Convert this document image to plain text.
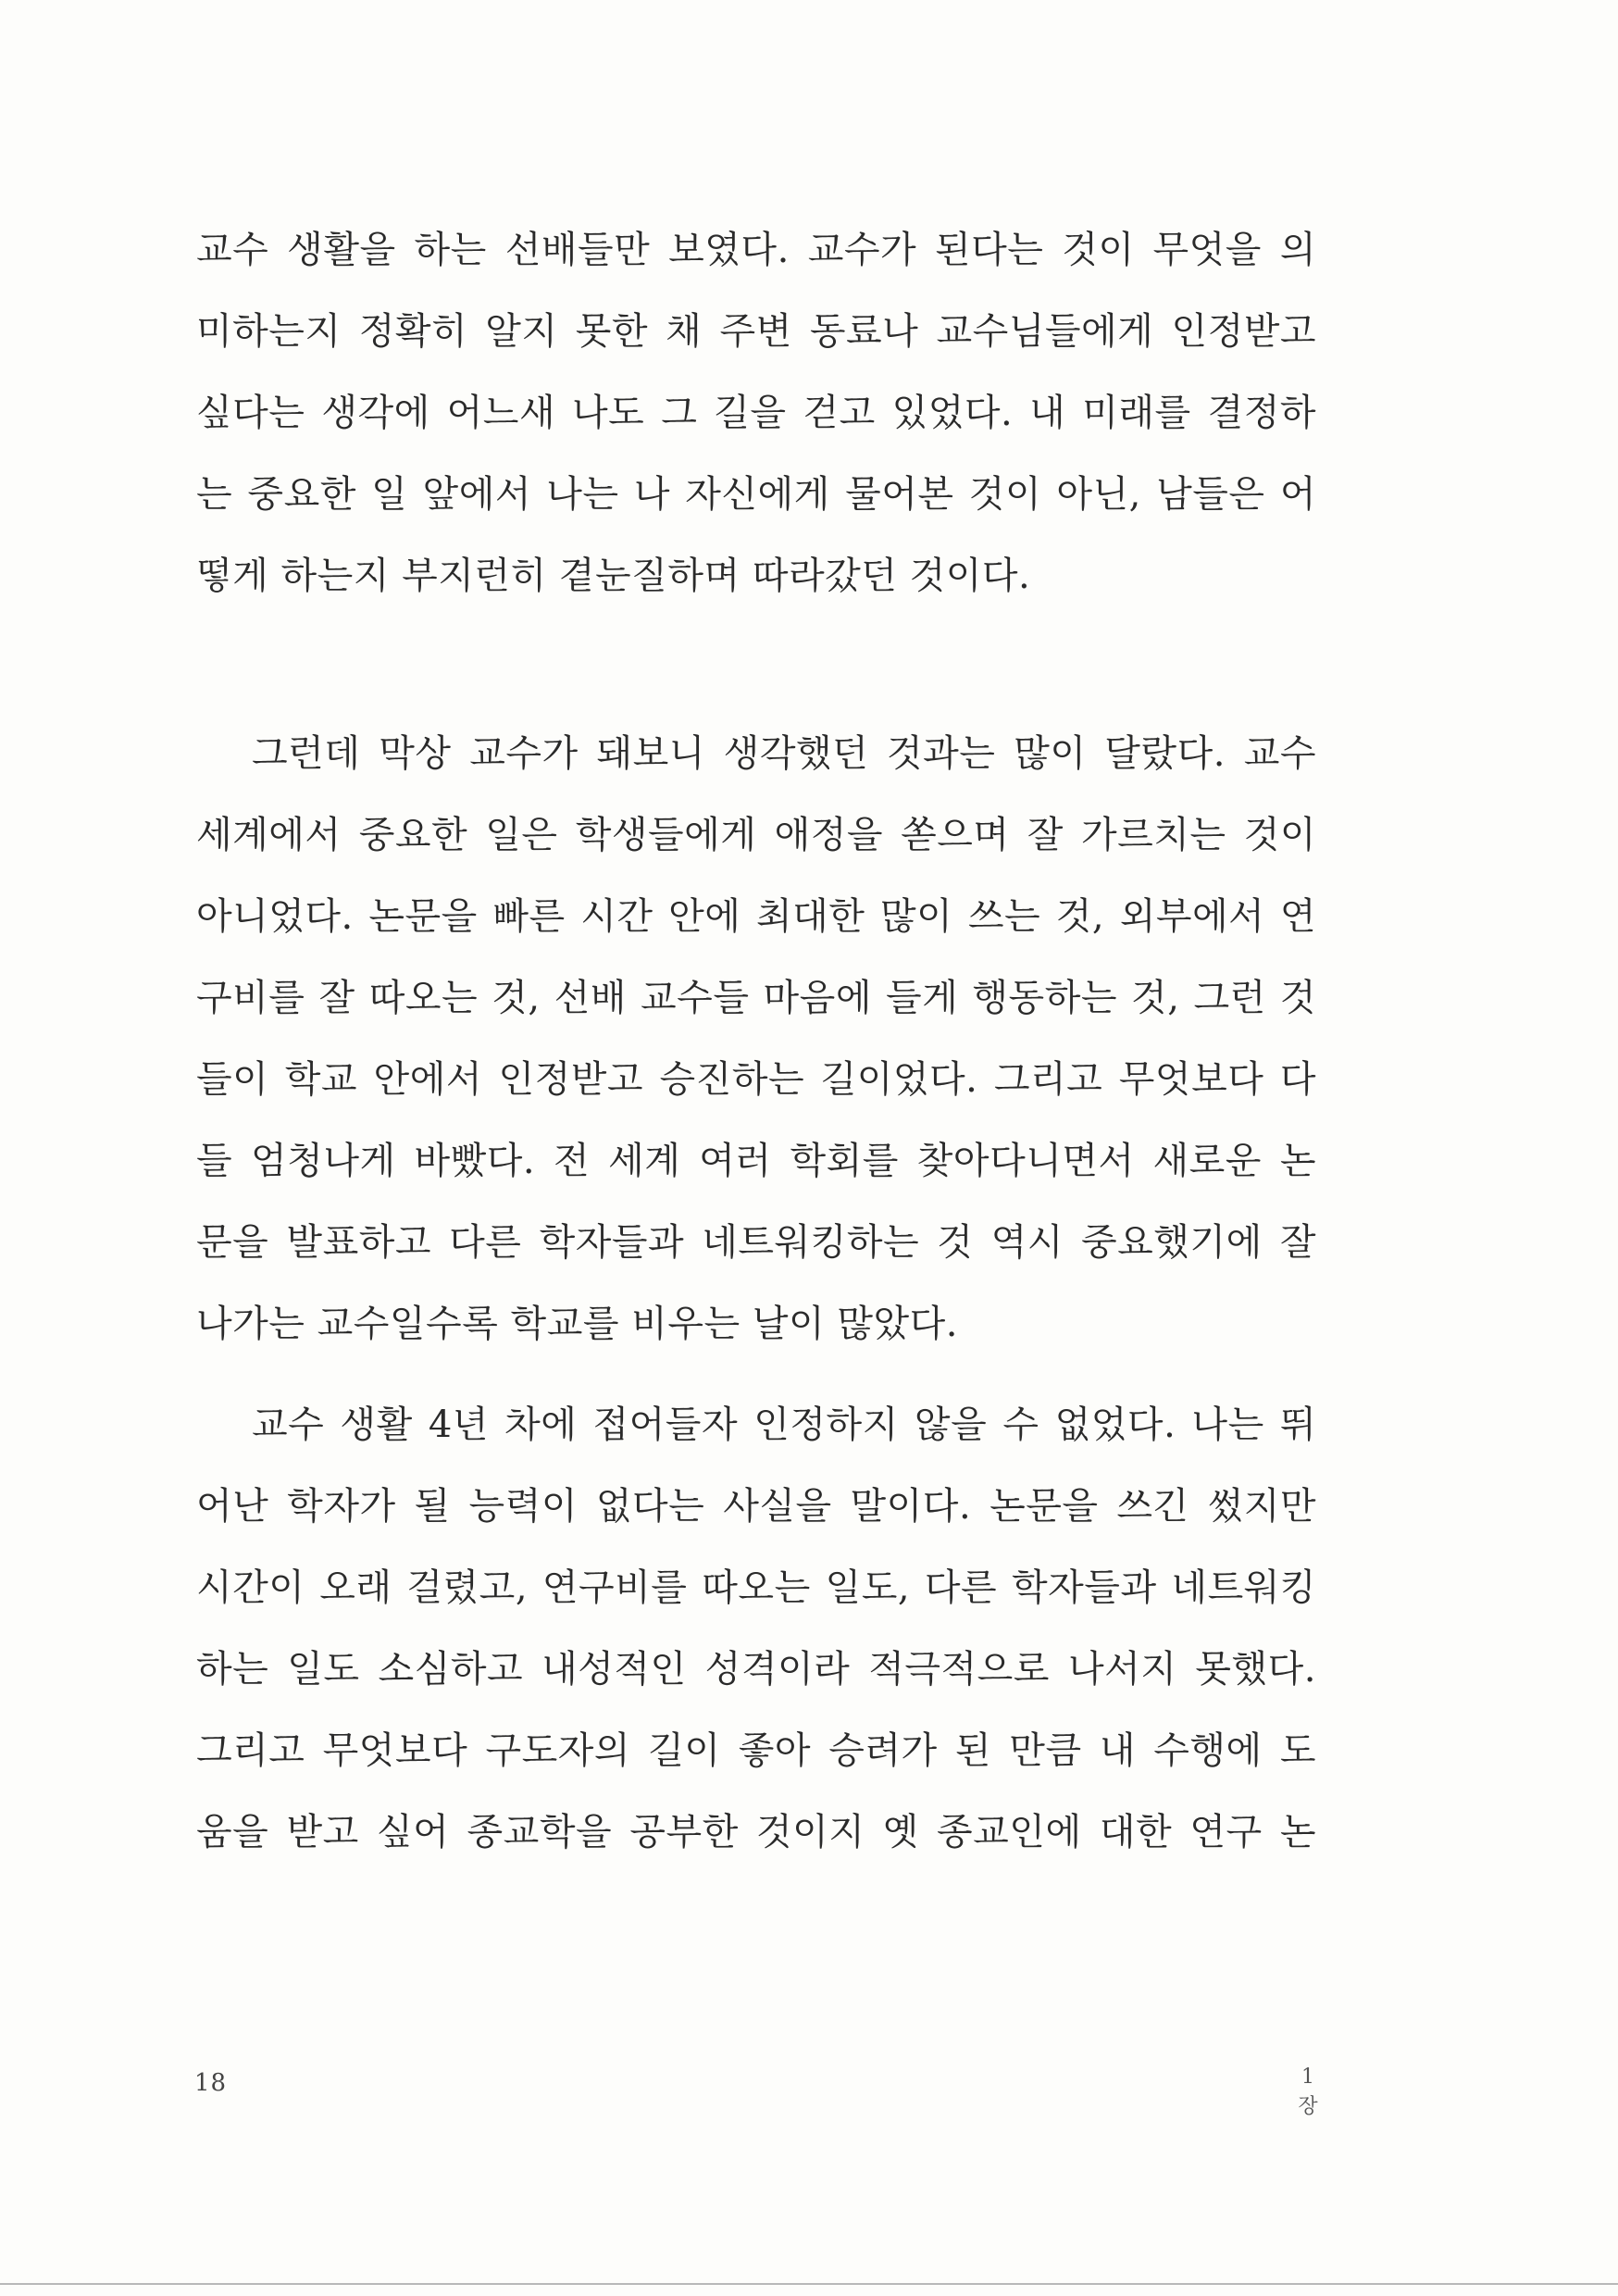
교수 생활을 하는 선배들만 보였다. 교수가 된다는 것이 무엇을 의
미하는지 정확히 알지 못한 채 주변 동료나 교수님들에게 인정받고
싶다는 생각에 어느새 나도 그 길을 걷고 있었다. 내 미래를 결정하
는 중요한 일 앞에서 나는 나 자신에게 물어본 것이 아닌, 남들은 어
떻게 하는지 부지런히 곁눈질하며 따라갔던 것이다.
그런데 막상 교수가 돼보니 생각했던 것과는 많이 달랐다. 교수
세계에서 중요한 일은 학생들에게 애정을 쏟으며 잘 가르치는 것이
아니었다. 논문을 빠른 시간 안에 최대한 많이 쓰는 것, 외부에서 연
구비를 잘 따오는 것, 선배 교수들 마음에 들게 행동하는 것, 그런 것
들이 학교 안에서 인정받고 승진하는 길이었다. 그리고 무엇보다 다
들 엄청나게 바빴다. 전 세계 여러 학회를 찾아다니면서 새로운 논
문을 발표하고 다른 학자들과 네트워킹하는 것 역시 중요했기에 잘
나가는 교수일수록 학교를 비우는 날이 많았다.
교수 생활 4년 차에 접어들자 인정하지 않을 수 없었다. 나는 뛰
어난 학자가 될 능력이 없다는 사실을 말이다. 논문을 쓰긴 썼지만
시간이 오래 걸렸고, 연구비를 따오는 일도, 다른 학자들과 네트워킹
하는 일도 소심하고 내성적인 성격이라 적극적으로 나서지 못했다.
그리고 무엇보다 구도자의 길이 좋아 승려가 된 만큼 내 수행에 도
움을 받고 싶어 종교학을 공부한 것이지 옛 종교인에 대한 연구 논
18	1
장
